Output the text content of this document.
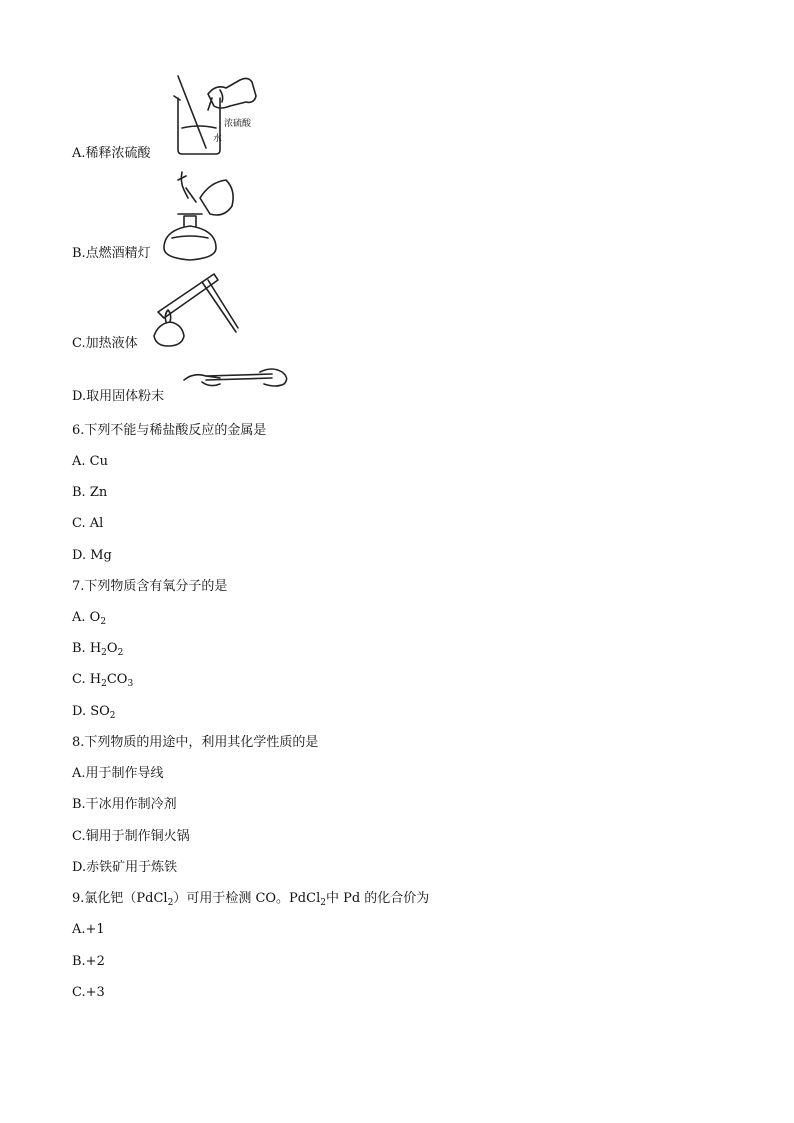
A.稀释浓硫酸
浓硫酸
水
B.点燃酒精灯
C.加热液体
D.取用固体粉末
6.下列不能与稀盐酸反应的金属是
A. Cu
B. Zn
C. Al
D. Mg
7.下列物质含有氧分子的是
A. $O_2$
B. $H_2O_2$
C. $H_2CO_3$
D. $SO_2$
8.下列物质的用途中，利用其化学性质的是
A.用于制作导线
B.干冰用作制冷剂
C.铜用于制作铜火锅
D.赤铁矿用于炼铁
9.氯化钯（PdCl$_2$）可用于检测 CO。PdCl$_2$中 Pd 的化合价为
A.+1
B.+2
C.+3
